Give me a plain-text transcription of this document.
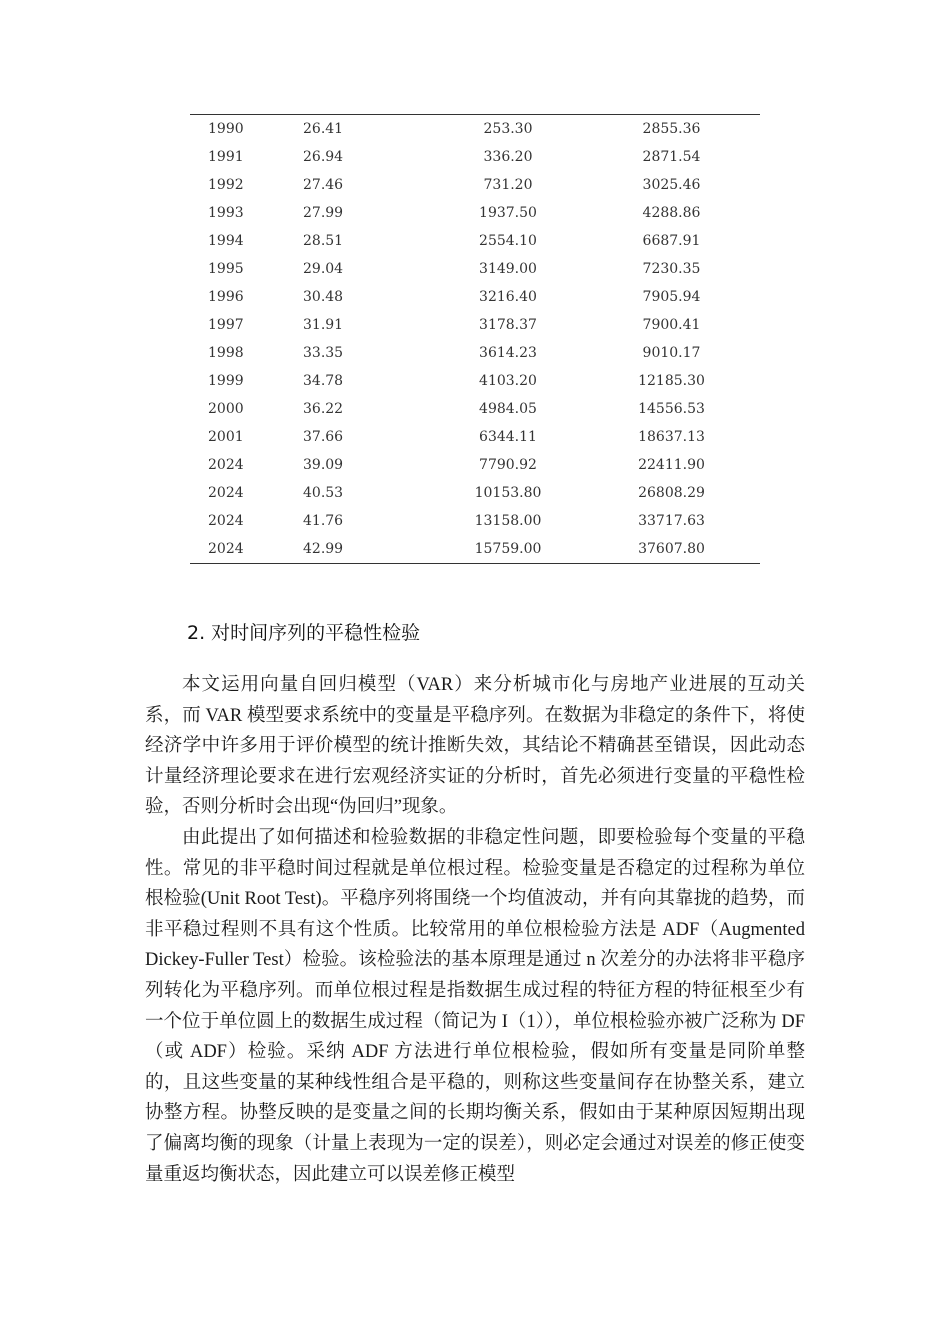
1990	26.41	253.30	2855.36
1991	26.94	336.20	2871.54
1992	27.46	731.20	3025.46
1993	27.99	1937.50	4288.86
1994	28.51	2554.10	6687.91
1995	29.04	3149.00	7230.35
1996	30.48	3216.40	7905.94
1997	31.91	3178.37	7900.41
1998	33.35	3614.23	9010.17
1999	34.78	4103.20	12185.30
2000	36.22	4984.05	14556.53
2001	37.66	6344.11	18637.13
2024	39.09	7790.92	22411.90
2024	40.53	10153.80	26808.29
2024	41.76	13158.00	33717.63
2024	42.99	15759.00	37607.80
2. 对时间序列的平稳性检验

本文运用向量自回归模型（VAR）来分析城市化与房地产业进展的互动关系，而 VAR 模型要求系统中的变量是平稳序列。在数据为非稳定的条件下，将使经济学中许多用于评价模型的统计推断失效，其结论不精确甚至错误，因此动态计量经济理论要求在进行宏观经济实证的分析时，首先必须进行变量的平稳性检验，否则分析时会出现“伪回归”现象。

由此提出了如何描述和检验数据的非稳定性问题，即要检验每个变量的平稳性。常见的非平稳时间过程就是单位根过程。检验变量是否稳定的过程称为单位根检验(Unit Root Test)。平稳序列将围绕一个均值波动，并有向其靠拢的趋势，而非平稳过程则不具有这个性质。比较常用的单位根检验方法是 ADF（Augmented Dickey-Fuller Test）检验。该检验法的基本原理是通过 n 次差分的办法将非平稳序列转化为平稳序列。而单位根过程是指数据生成过程的特征方程的特征根至少有一个位于单位圆上的数据生成过程（简记为 I（1）），单位根检验亦被广泛称为 DF（或 ADF）检验。采纳 ADF 方法进行单位根检验，假如所有变量是同阶单整的，且这些变量的某种线性组合是平稳的，则称这些变量间存在协整关系，建立协整方程。协整反映的是变量之间的长期均衡关系，假如由于某种原因短期出现了偏离均衡的现象（计量上表现为一定的误差），则必定会通过对误差的修正使变量重返均衡状态，因此建立可以误差修正模型
